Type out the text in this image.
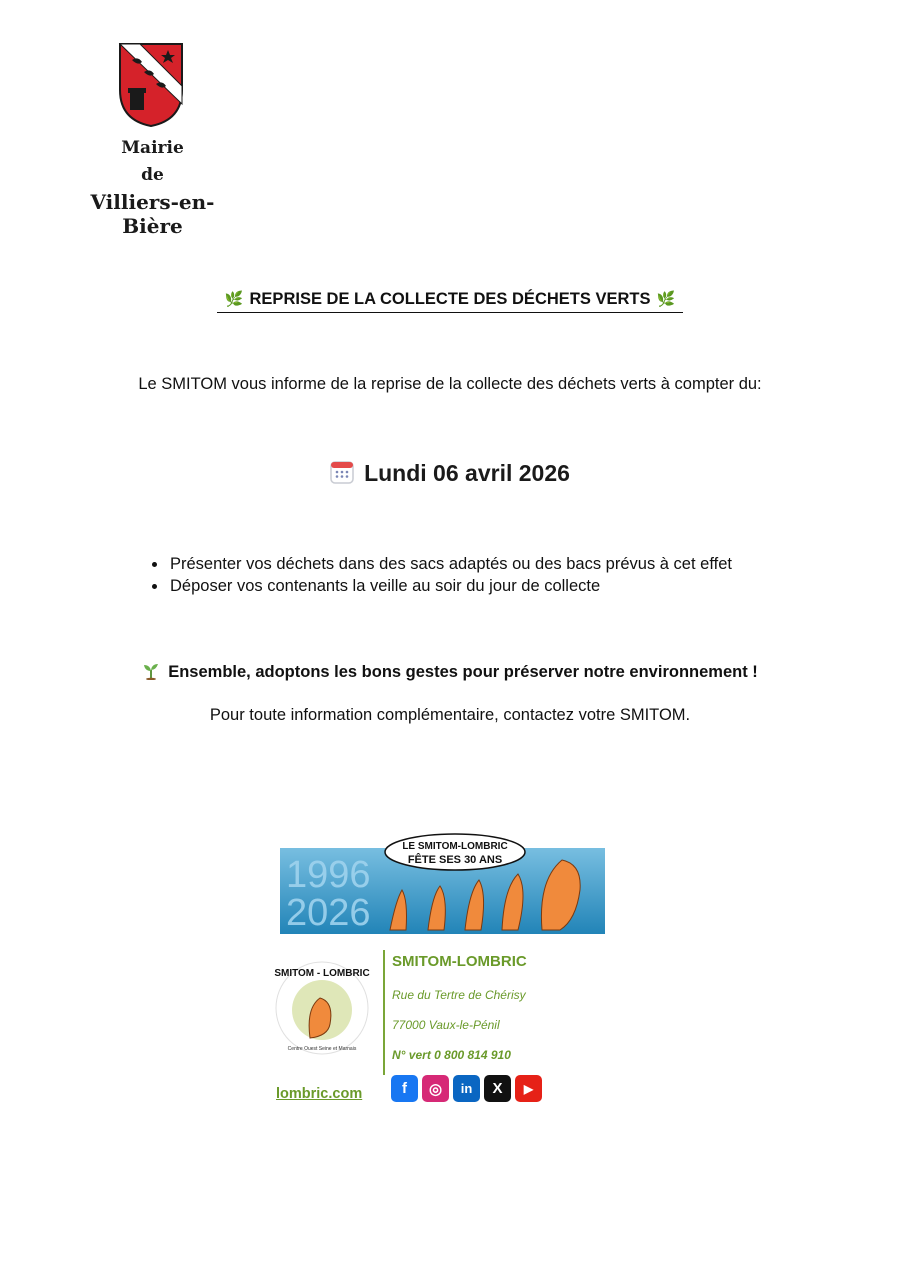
Mairie
de
Villiers-en-Bière
🌿 REPRISE DE LA COLLECTE DES DÉCHETS VERTS 🌿
Le SMITOM vous informe de la reprise de la collecte des déchets verts à compter du:
Lundi 06 avril 2026
• Présenter vos déchets dans des sacs adaptés ou des bacs prévus à cet effet
• Déposer vos contenants la veille au soir du jour de collecte
Ensemble, adoptons les bons gestes pour préserver notre environnement !
Pour toute information complémentaire, contactez votre SMITOM.
1996
2026
LE SMITOM-LOMBRIC
FÊTE SES 30 ANS
SMITOM - LOMBRIC
Centre Ouest Seine et Marnais
SMITOM-LOMBRIC
Rue du Tertre de Chérisy
77000 Vaux-le-Pénil
N° vert 0 800 814 910
lombric.com	f	◎	in	X	▶
